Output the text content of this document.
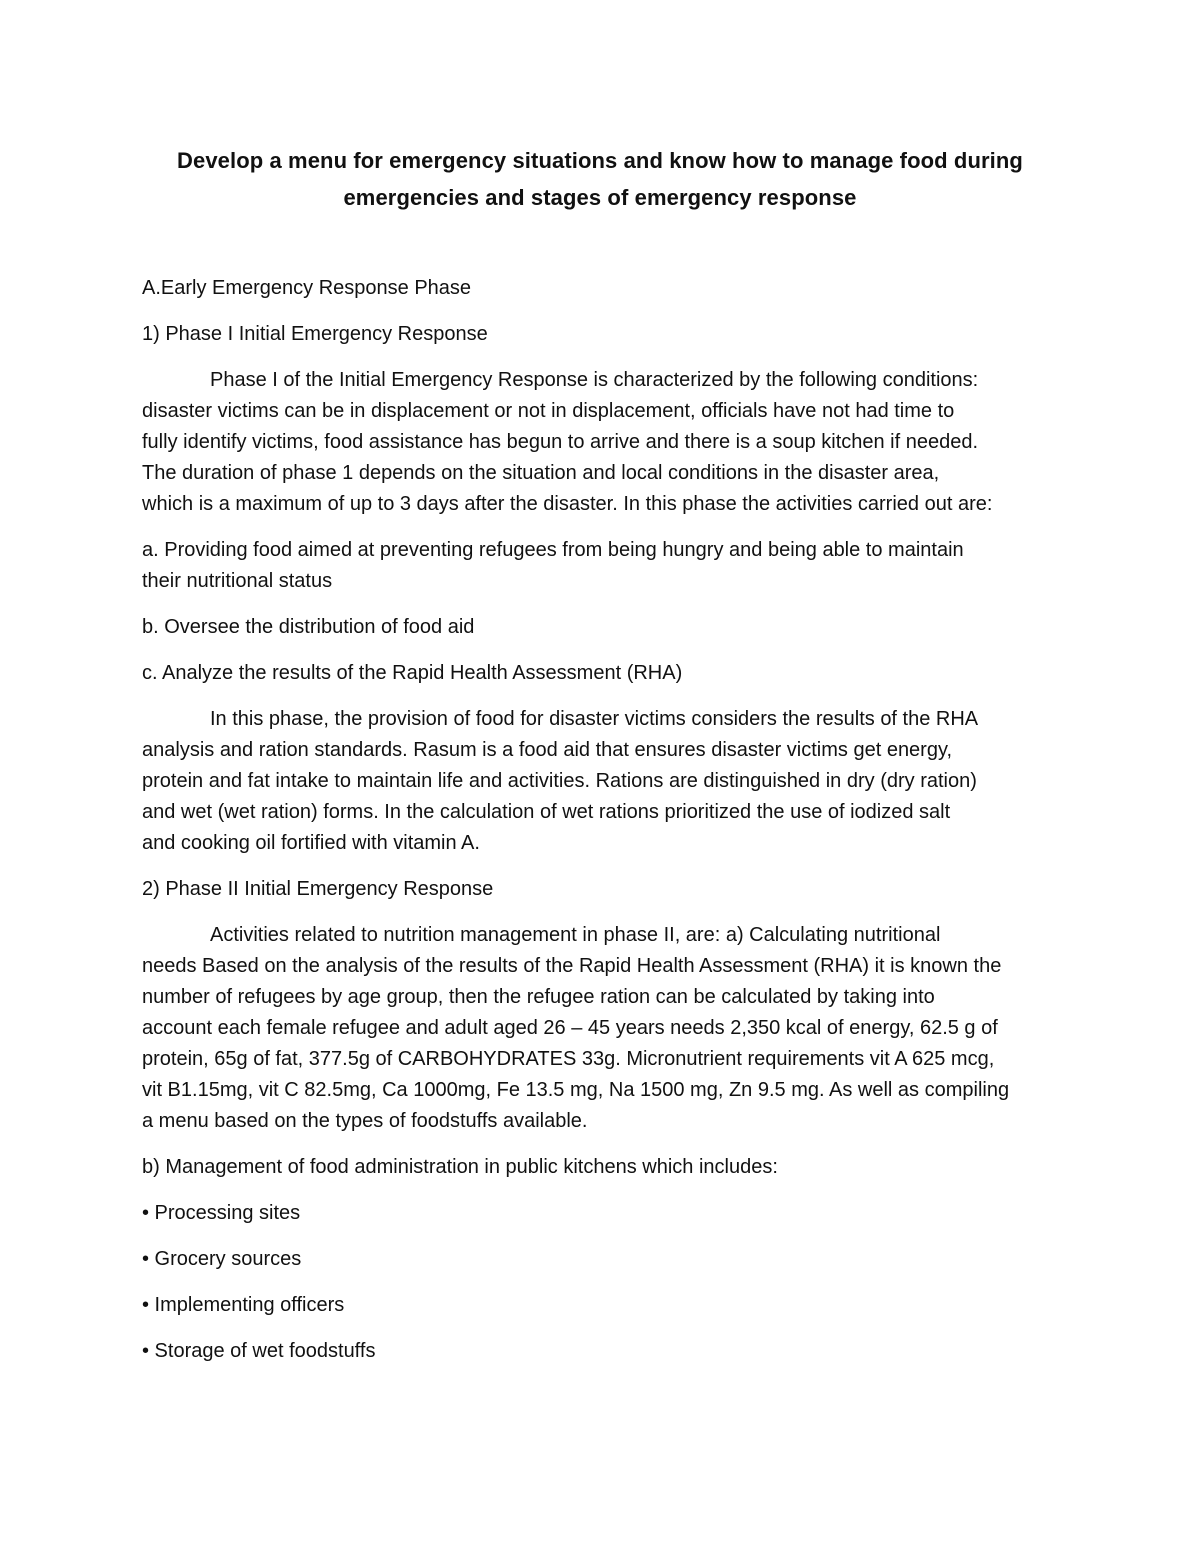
Develop a menu for emergency situations and know how to manage food during
emergencies and stages of emergency response

A.Early Emergency Response Phase

1) Phase I Initial Emergency Response

Phase I of the Initial Emergency Response is characterized by the following conditions:
disaster victims can be in displacement or not in displacement, officials have not had time to
fully identify victims, food assistance has begun to arrive and there is a soup kitchen if needed.
The duration of phase 1 depends on the situation and local conditions in the disaster area,
which is a maximum of up to 3 days after the disaster. In this phase the activities carried out are:

a. Providing food aimed at preventing refugees from being hungry and being able to maintain
their nutritional status

b. Oversee the distribution of food aid

c. Analyze the results of the Rapid Health Assessment (RHA)

In this phase, the provision of food for disaster victims considers the results of the RHA
analysis and ration standards. Rasum is a food aid that ensures disaster victims get energy,
protein and fat intake to maintain life and activities. Rations are distinguished in dry (dry ration)
and wet (wet ration) forms. In the calculation of wet rations prioritized the use of iodized salt
and cooking oil fortified with vitamin A.

2) Phase II Initial Emergency Response

Activities related to nutrition management in phase II, are: a) Calculating nutritional
needs Based on the analysis of the results of the Rapid Health Assessment (RHA) it is known the
number of refugees by age group, then the refugee ration can be calculated by taking into
account each female refugee and adult aged 26 – 45 years needs 2,350 kcal of energy, 62.5 g of
protein, 65g of fat, 377.5g of CARBOHYDRATES 33g. Micronutrient requirements vit A 625 mcg,
vit B1.15mg, vit C 82.5mg, Ca 1000mg, Fe 13.5 mg, Na 1500 mg, Zn 9.5 mg. As well as compiling
a menu based on the types of foodstuffs available.

b) Management of food administration in public kitchens which includes:

• Processing sites

• Grocery sources

• Implementing officers

• Storage of wet foodstuffs
